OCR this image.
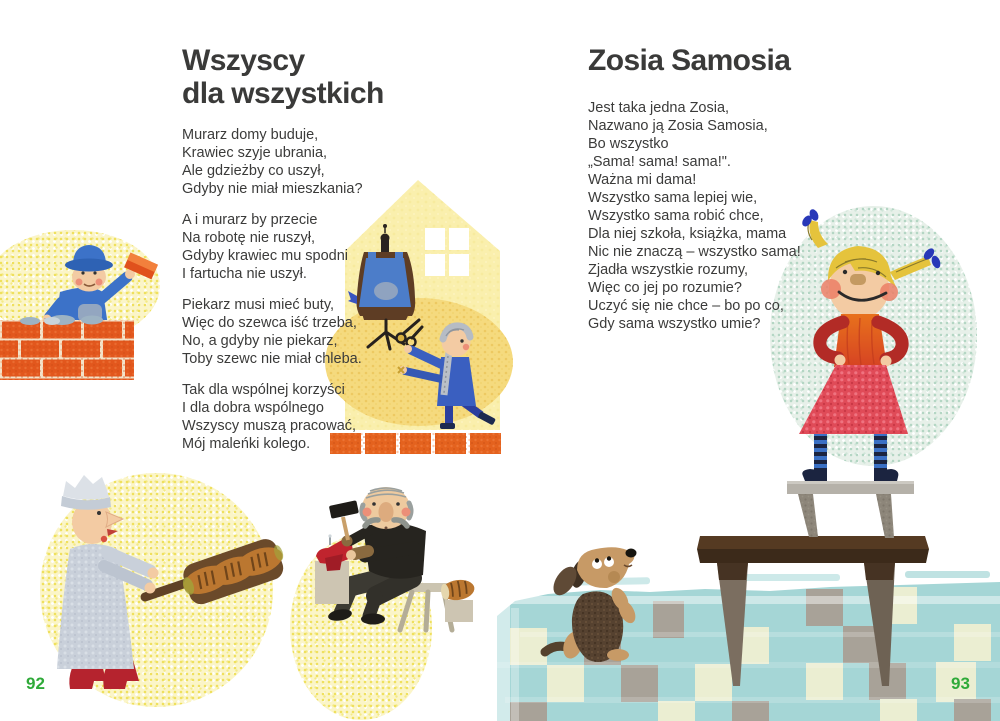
Wszyscy
dla wszystkich
Murarz domy buduje,
Krawiec szyje ubrania,
Ale gdzieżby co uszył,
Gdyby nie miał mieszkania?
A i murarz by przecie
Na robotę nie ruszył,
Gdyby krawiec mu spodni
I fartucha nie uszył.
Piekarz musi mieć buty,
Więc do szewca iść trzeba,
No, a gdyby nie piekarz,
Toby szewc nie miał chleba.
Tak dla wspólnej korzyści
I dla dobra wspólnego
Wszyscy muszą pracować,
Mój maleńki kolego.
Zosia Samosia
Jest taka jedna Zosia,
Nazwano ją Zosia Samosia,
Bo wszystko
„Sama! sama! sama!".
Ważna mi dama!
Wszystko sama lepiej wie,
Wszystko sama robić chce,
Dla niej szkoła, książka, mama
Nic nie znaczą – wszystko sama!
Zjadła wszystkie rozumy,
Więc co jej po rozumie?
Uczyć się nie chce – bo po co,
Gdy sama wszystko umie?
92	93
